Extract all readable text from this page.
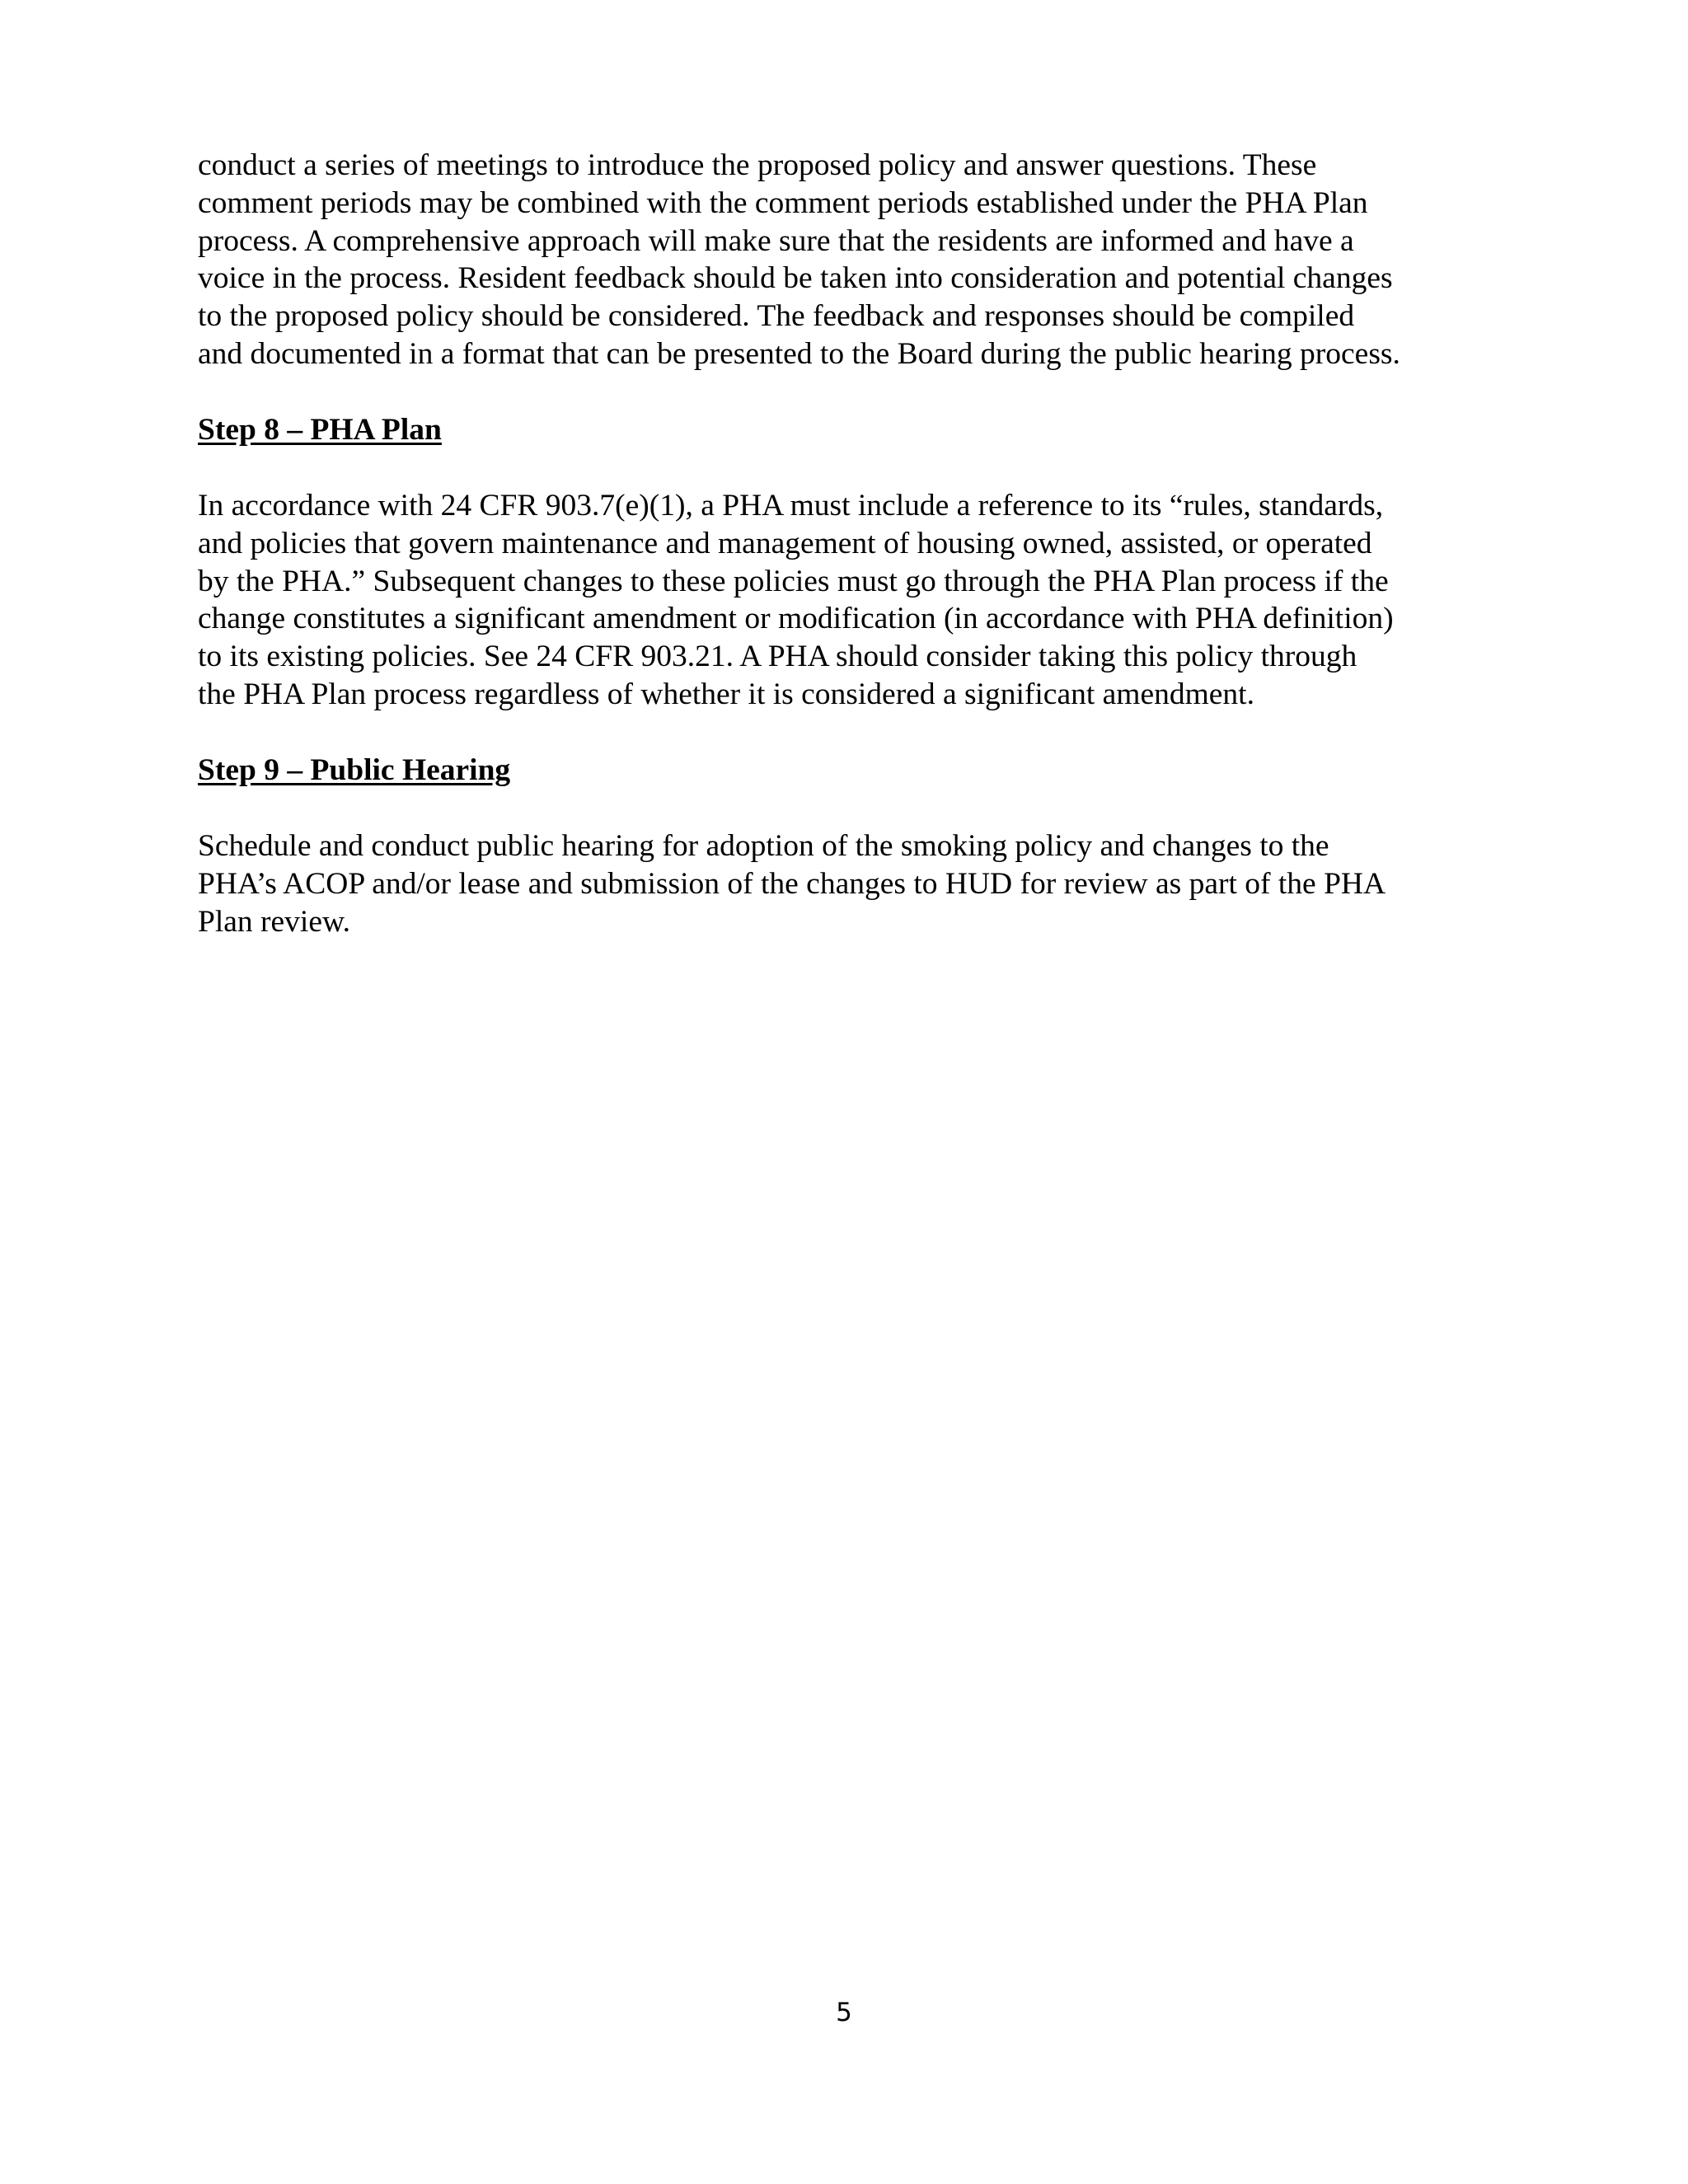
conduct a series of meetings to introduce the proposed policy and answer questions. These
comment periods may be combined with the comment periods established under the PHA Plan
process. A comprehensive approach will make sure that the residents are informed and have a
voice in the process. Resident feedback should be taken into consideration and potential changes
to the proposed policy should be considered. The feedback and responses should be compiled
and documented in a format that can be presented to the Board during the public hearing process.

Step 8 – PHA Plan

In accordance with 24 CFR 903.7(e)(1), a PHA must include a reference to its “rules, standards,
and policies that govern maintenance and management of housing owned, assisted, or operated
by the PHA.” Subsequent changes to these policies must go through the PHA Plan process if the
change constitutes a significant amendment or modification (in accordance with PHA definition)
to its existing policies. See 24 CFR 903.21. A PHA should consider taking this policy through
the PHA Plan process regardless of whether it is considered a significant amendment.

Step 9 – Public Hearing

Schedule and conduct public hearing for adoption of the smoking policy and changes to the
PHA’s ACOP and/or lease and submission of the changes to HUD for review as part of the PHA
Plan review.

5
